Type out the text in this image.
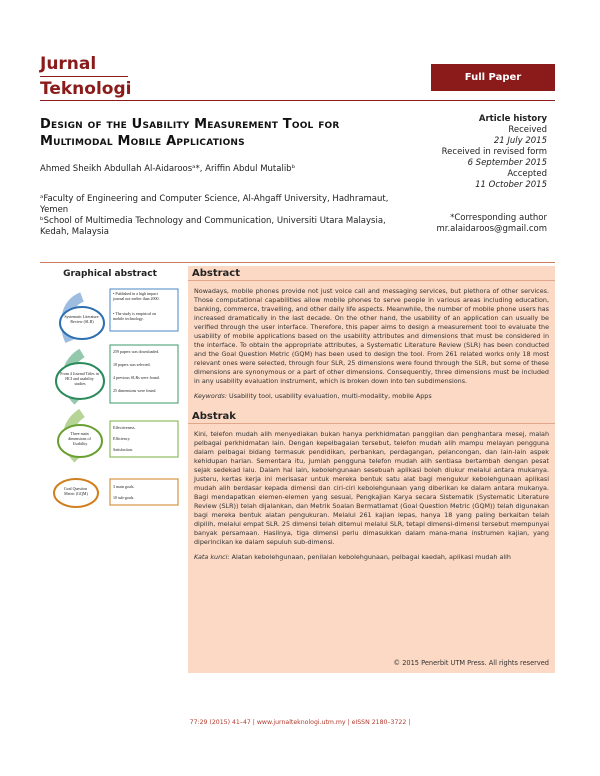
Jurnal
Teknologi
Full Paper
Design of the Usability Measurement Tool for
Multimodal Mobile Applications
Ahmed Sheikh Abdullah Al-Aidaroosᵃ*, Ariffin Abdul Mutalibᵇ
ᵃFaculty of Engineering and Computer Science, Al-Ahgaff University, Hadhramaut, Yemen
ᵇSchool of Multimedia Technology and Communication, Universiti Utara Malaysia, Kedah, Malaysia
Article history
Received
21 July 2015
Received in revised form
6 September 2015
Accepted
11 October 2015
*Corresponding author
mr.alaidaroos@gmail.com
Graphical abstract
Systematic Literature Review (SLR)
From 4 Journal Titles in HCI and usability studies
Three main dimensions of Usability
Goal Question Metric (GQM)
• Published in a high impact journal not earlier than 2000.
• The study is empirical on mobile technology.
259 papers was downloaded.
18 papers was selected.
4 previous SLRs were found.
25 dimensions were found.
Effectiveness.
Efficiency.
Satisfaction.
3 main goals.
10 sub-goals.
Abstract

Nowadays, mobile phones provide not just voice call and messaging services, but plethora of other services. Those computational capabilities allow mobile phones to serve people in various areas including education, banking, commerce, travelling, and other daily life aspects. Meanwhile, the number of mobile phone users has increased dramatically in the last decade. On the other hand, the usability of an application can usually be verified through the user interface. Therefore, this paper aims to design a measurement tool to evaluate the usability of mobile applications based on the usability attributes and dimensions that must be considered in the interface. To obtain the appropriate attributes, a Systematic Literature Review (SLR) has been conducted and the Goal Question Metric (GQM) has been used to design the tool. From 261 related works only 18 most relevant ones were selected, through four SLR, 25 dimensions were found through the SLR, but some of these dimensions are synonymous or a part of other dimensions. Consequently, three dimensions must be included in any usability evaluation instrument, which is broken down into ten subdimensions.

Keywords: Usability tool, usability evaluation, multi-modality, mobile Apps
Abstrak

Kini, telefon mudah alih menyediakan bukan hanya perkhidmatan panggilan dan penghantara mesej, malah pelbagai perkhidmatan lain. Dengan kepelbagaian tersebut, telefon mudah alih mampu melayan pengguna dalam pelbagai bidang termasuk pendidikan, perbankan, perdagangan, pelancongan, dan lain-lain aspek kehidupan harian. Sementara itu, jumlah pengguna telefon mudah alih sentiasa bertambah dengan pesat sejak sedekad lalu. Dalam hal lain, kebolehgunaan sesebuah aplikasi boleh diukur melalui antara mukanya. Justeru, kertas kerja ini merisasar untuk mereka bentuk satu alat bagi mengukur kebolehgunaan aplikasi mudah alih berdasar kepada dimensi dan ciri-ciri kebolehgunaan yang diberikan ke dalam antara mukanya. Bagi mendapatkan elemen-elemen yang sesuai, Pengkajian Karya secara Sistematik (Systematic Literature Review (SLR)) telah dijalankan, dan Metrik Soalan Bermatlamat (Goal Question Metric (GQM)) telah digunakan bagi mereka bentuk alatan pengukuran. Melalui 261 kajian lepas, hanya 18 yang paling berkaitan telah dipilih, melalui empat SLR. 25 dimensi telah ditemui melalui SLR, tetapi dimensi-dimensi tersebut mempunyai banyak persamaan. Hasilnya, tiga dimensi perlu dimasukkan dalam mana-mana instrumen kajian, yang diperincikan ke dalam sepuluh sub-dimensi.

Kata kunci: Alatan kebolehgunaan, penilaian kebolehgunaan, pelbagai kaedah, aplikasi mudah alih
© 2015 Penerbit UTM Press. All rights reserved
77:29 (2015) 41–47 | www.jurnalteknologi.utm.my | eISSN 2180–3722 |
